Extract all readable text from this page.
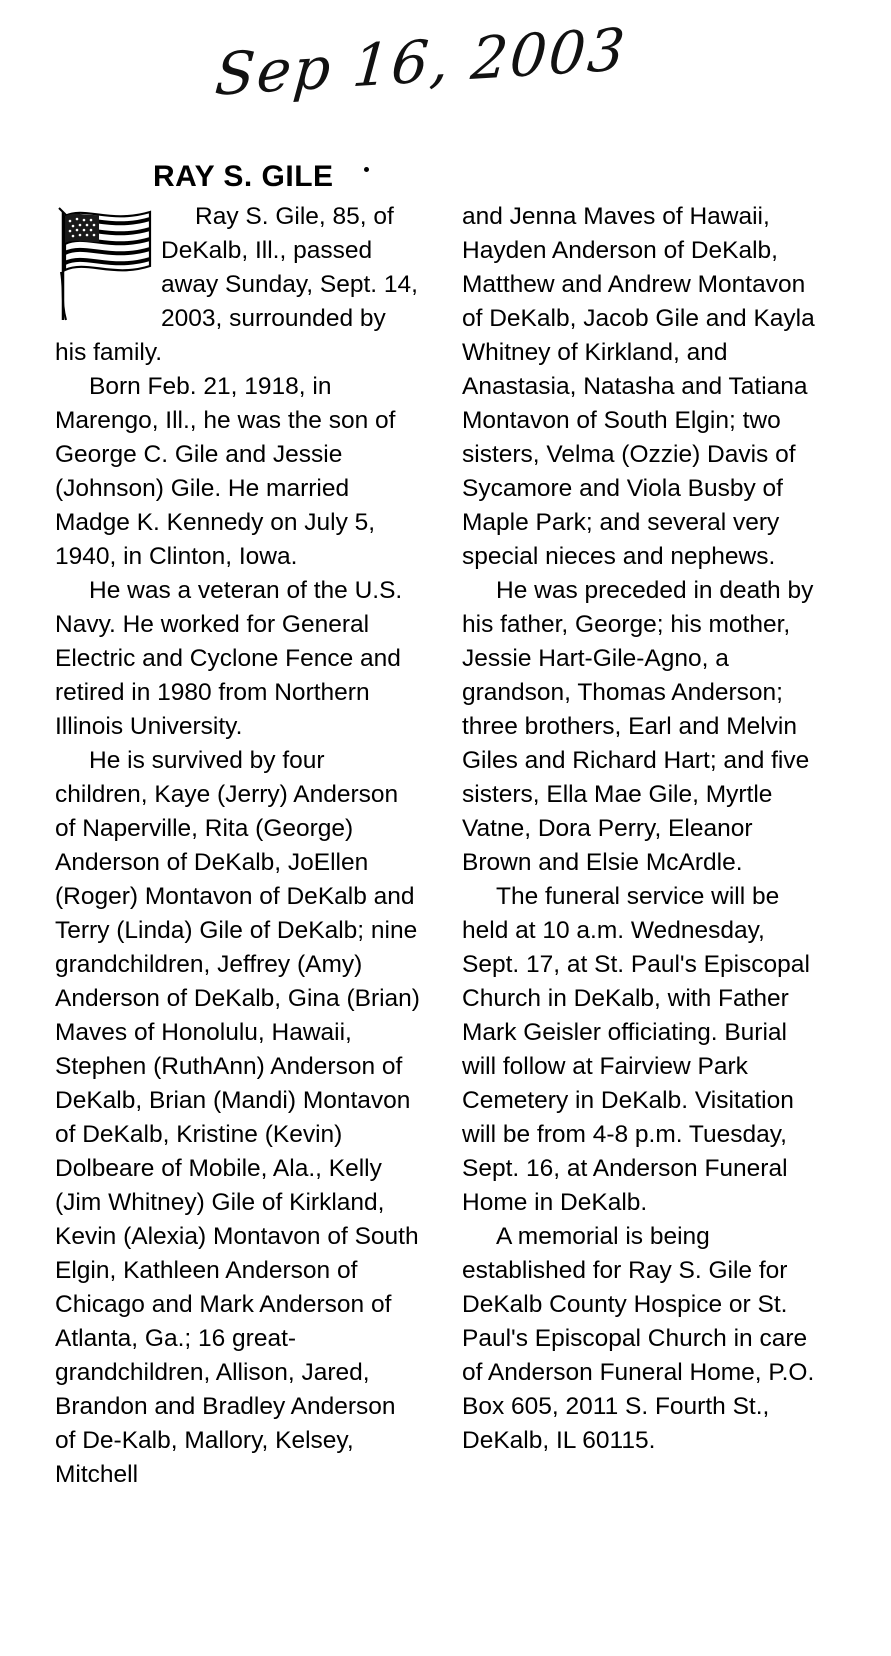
Sep 16, 2003
RAY S. GILE

Ray S. Gile, 85, of DeKalb, Ill., passed away Sunday, Sept. 14, 2003, surrounded by his family.

Born Feb. 21, 1918, in Marengo, Ill., he was the son of George C. Gile and Jessie (Johnson) Gile. He married Madge K. Kennedy on July 5, 1940, in Clinton, Iowa.

He was a veteran of the U.S. Navy. He worked for General Electric and Cyclone Fence and retired in 1980 from Northern Illinois University.

He is survived by four children, Kaye (Jerry) Anderson of Naperville, Rita (George) Anderson of DeKalb, JoEllen (Roger) Montavon of DeKalb and Terry (Linda) Gile of DeKalb; nine grandchildren, Jeffrey (Amy) Anderson of DeKalb, Gina (Brian) Maves of Honolulu, Hawaii, Stephen (RuthAnn) Anderson of DeKalb, Brian (Mandi) Montavon of DeKalb, Kristine (Kevin) Dolbeare of Mobile, Ala., Kelly (Jim Whitney) Gile of Kirkland, Kevin (Alexia) Montavon of South Elgin, Kathleen Anderson of Chicago and Mark Anderson of Atlanta, Ga.; 16 great-grandchildren, Allison, Jared, Brandon and Bradley Anderson of De-Kalb, Mallory, Kelsey, Mitchell

and Jenna Maves of Hawaii, Hayden Anderson of DeKalb, Matthew and Andrew Montavon of DeKalb, Jacob Gile and Kayla Whitney of Kirkland, and Anastasia, Natasha and Tatiana Montavon of South Elgin; two sisters, Velma (Ozzie) Davis of Sycamore and Viola Busby of Maple Park; and several very special nieces and nephews.

He was preceded in death by his father, George; his mother, Jessie Hart-Gile-Agno, a grandson, Thomas Anderson; three brothers, Earl and Melvin Giles and Richard Hart; and five sisters, Ella Mae Gile, Myrtle Vatne, Dora Perry, Eleanor Brown and Elsie McArdle.

The funeral service will be held at 10 a.m. Wednesday, Sept. 17, at St. Paul's Episcopal Church in DeKalb, with Father Mark Geisler officiating. Burial will follow at Fairview Park Cemetery in DeKalb. Visitation will be from 4-8 p.m. Tuesday, Sept. 16, at Anderson Funeral Home in DeKalb.

A memorial is being established for Ray S. Gile for DeKalb County Hospice or St. Paul's Episcopal Church in care of Anderson Funeral Home, P.O. Box 605, 2011 S. Fourth St., DeKalb, IL 60115.
